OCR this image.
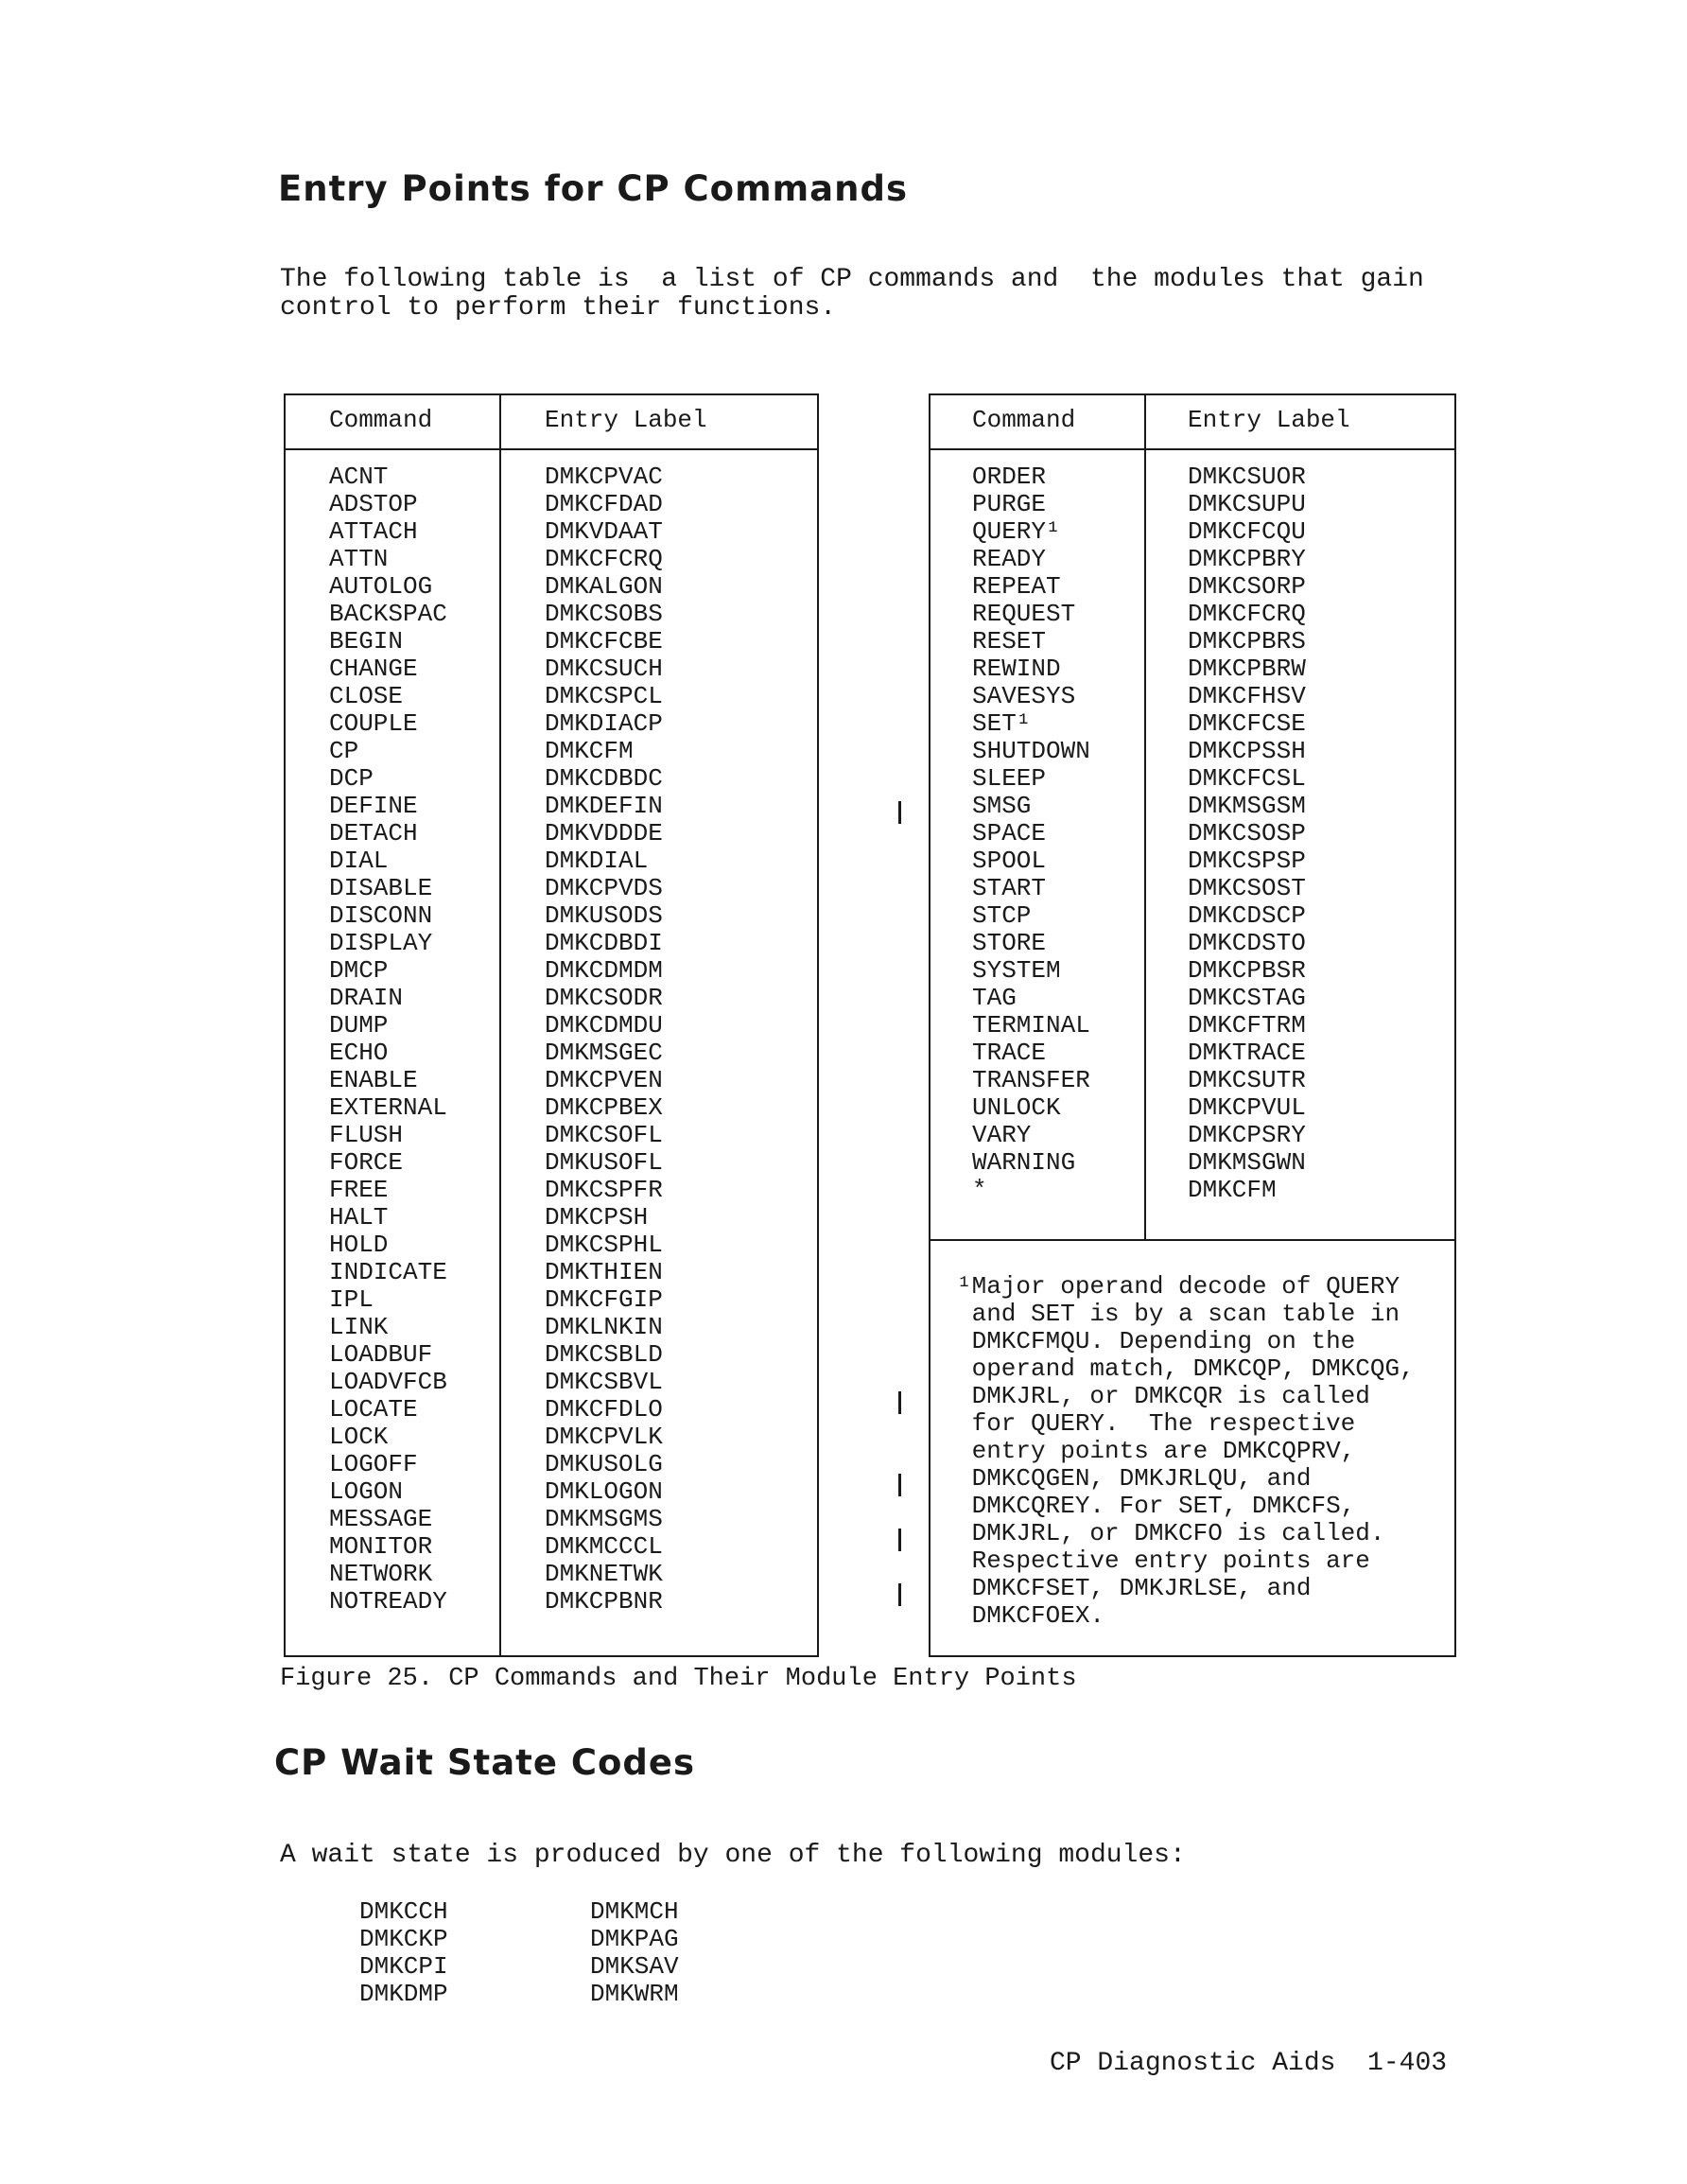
Entry Points for CP Commands
The following table is  a list of CP commands and  the modules that gain
control to perform their functions.
Command	Entry Label
ACNT	DMKCPVAC
ADSTOP	DMKCFDAD
ATTACH	DMKVDAAT
ATTN	DMKCFCRQ
AUTOLOG	DMKALGON
BACKSPAC	DMKCSOBS
BEGIN	DMKCFCBE
CHANGE	DMKCSUCH
CLOSE	DMKCSPCL
COUPLE	DMKDIACP
CP	DMKCFM
DCP	DMKCDBDC
DEFINE	DMKDEFIN
DETACH	DMKVDDDE
DIAL	DMKDIAL
DISABLE	DMKCPVDS
DISCONN	DMKUSODS
DISPLAY	DMKCDBDI
DMCP	DMKCDMDM
DRAIN	DMKCSODR
DUMP	DMKCDMDU
ECHO	DMKMSGEC
ENABLE	DMKCPVEN
EXTERNAL	DMKCPBEX
FLUSH	DMKCSOFL
FORCE	DMKUSOFL
FREE	DMKCSPFR
HALT	DMKCPSH
HOLD	DMKCSPHL
INDICATE	DMKTHIEN
IPL	DMKCFGIP
LINK	DMKLNKIN
LOADBUF	DMKCSBLD
LOADVFCB	DMKCSBVL
LOCATE	DMKCFDLO
LOCK	DMKCPVLK
LOGOFF	DMKUSOLG
LOGON	DMKLOGON
MESSAGE	DMKMSGMS
MONITOR	DMKMCCCL
NETWORK	DMKNETWK
NOTREADY	DMKCPBNR
Command	Entry Label
ORDER	DMKCSUOR
PURGE	DMKCSUPU
QUERY¹	DMKCFCQU
READY	DMKCPBRY
REPEAT	DMKCSORP
REQUEST	DMKCFCRQ
RESET	DMKCPBRS
REWIND	DMKCPBRW
SAVESYS	DMKCFHSV
SET¹	DMKCFCSE
SHUTDOWN	DMKCPSSH
SLEEP	DMKCFCSL
SMSG	DMKMSGSM
SPACE	DMKCSOSP
SPOOL	DMKCSPSP
START	DMKCSOST
STCP	DMKCDSCP
STORE	DMKCDSTO
SYSTEM	DMKCPBSR
TAG	DMKCSTAG
TERMINAL	DMKCFTRM
TRACE	DMKTRACE
TRANSFER	DMKCSUTR
UNLOCK	DMKCPVUL
VARY	DMKCPSRY
WARNING	DMKMSGWN
*	DMKCFM
¹Major operand decode of QUERY
and SET is by a scan table in
DMKCFMQU. Depending on the
operand match, DMKCQP, DMKCQG,
DMKJRL, or DMKCQR is called
for QUERY.  The respective
entry points are DMKCQPRV,
DMKCQGEN, DMKJRLQU, and
DMKCQREY. For SET, DMKCFS,
DMKJRL, or DMKCFO is called.
Respective entry points are
DMKCFSET, DMKJRLSE, and
DMKCFOEX.
Figure 25. CP Commands and Their Module Entry Points
CP Wait State Codes
A wait state is produced by one of the following modules:
DMKCCH	DMKMCH
DMKCKP	DMKPAG
DMKCPI	DMKSAV
DMKDMP	DMKWRM
CP Diagnostic Aids  1-403
